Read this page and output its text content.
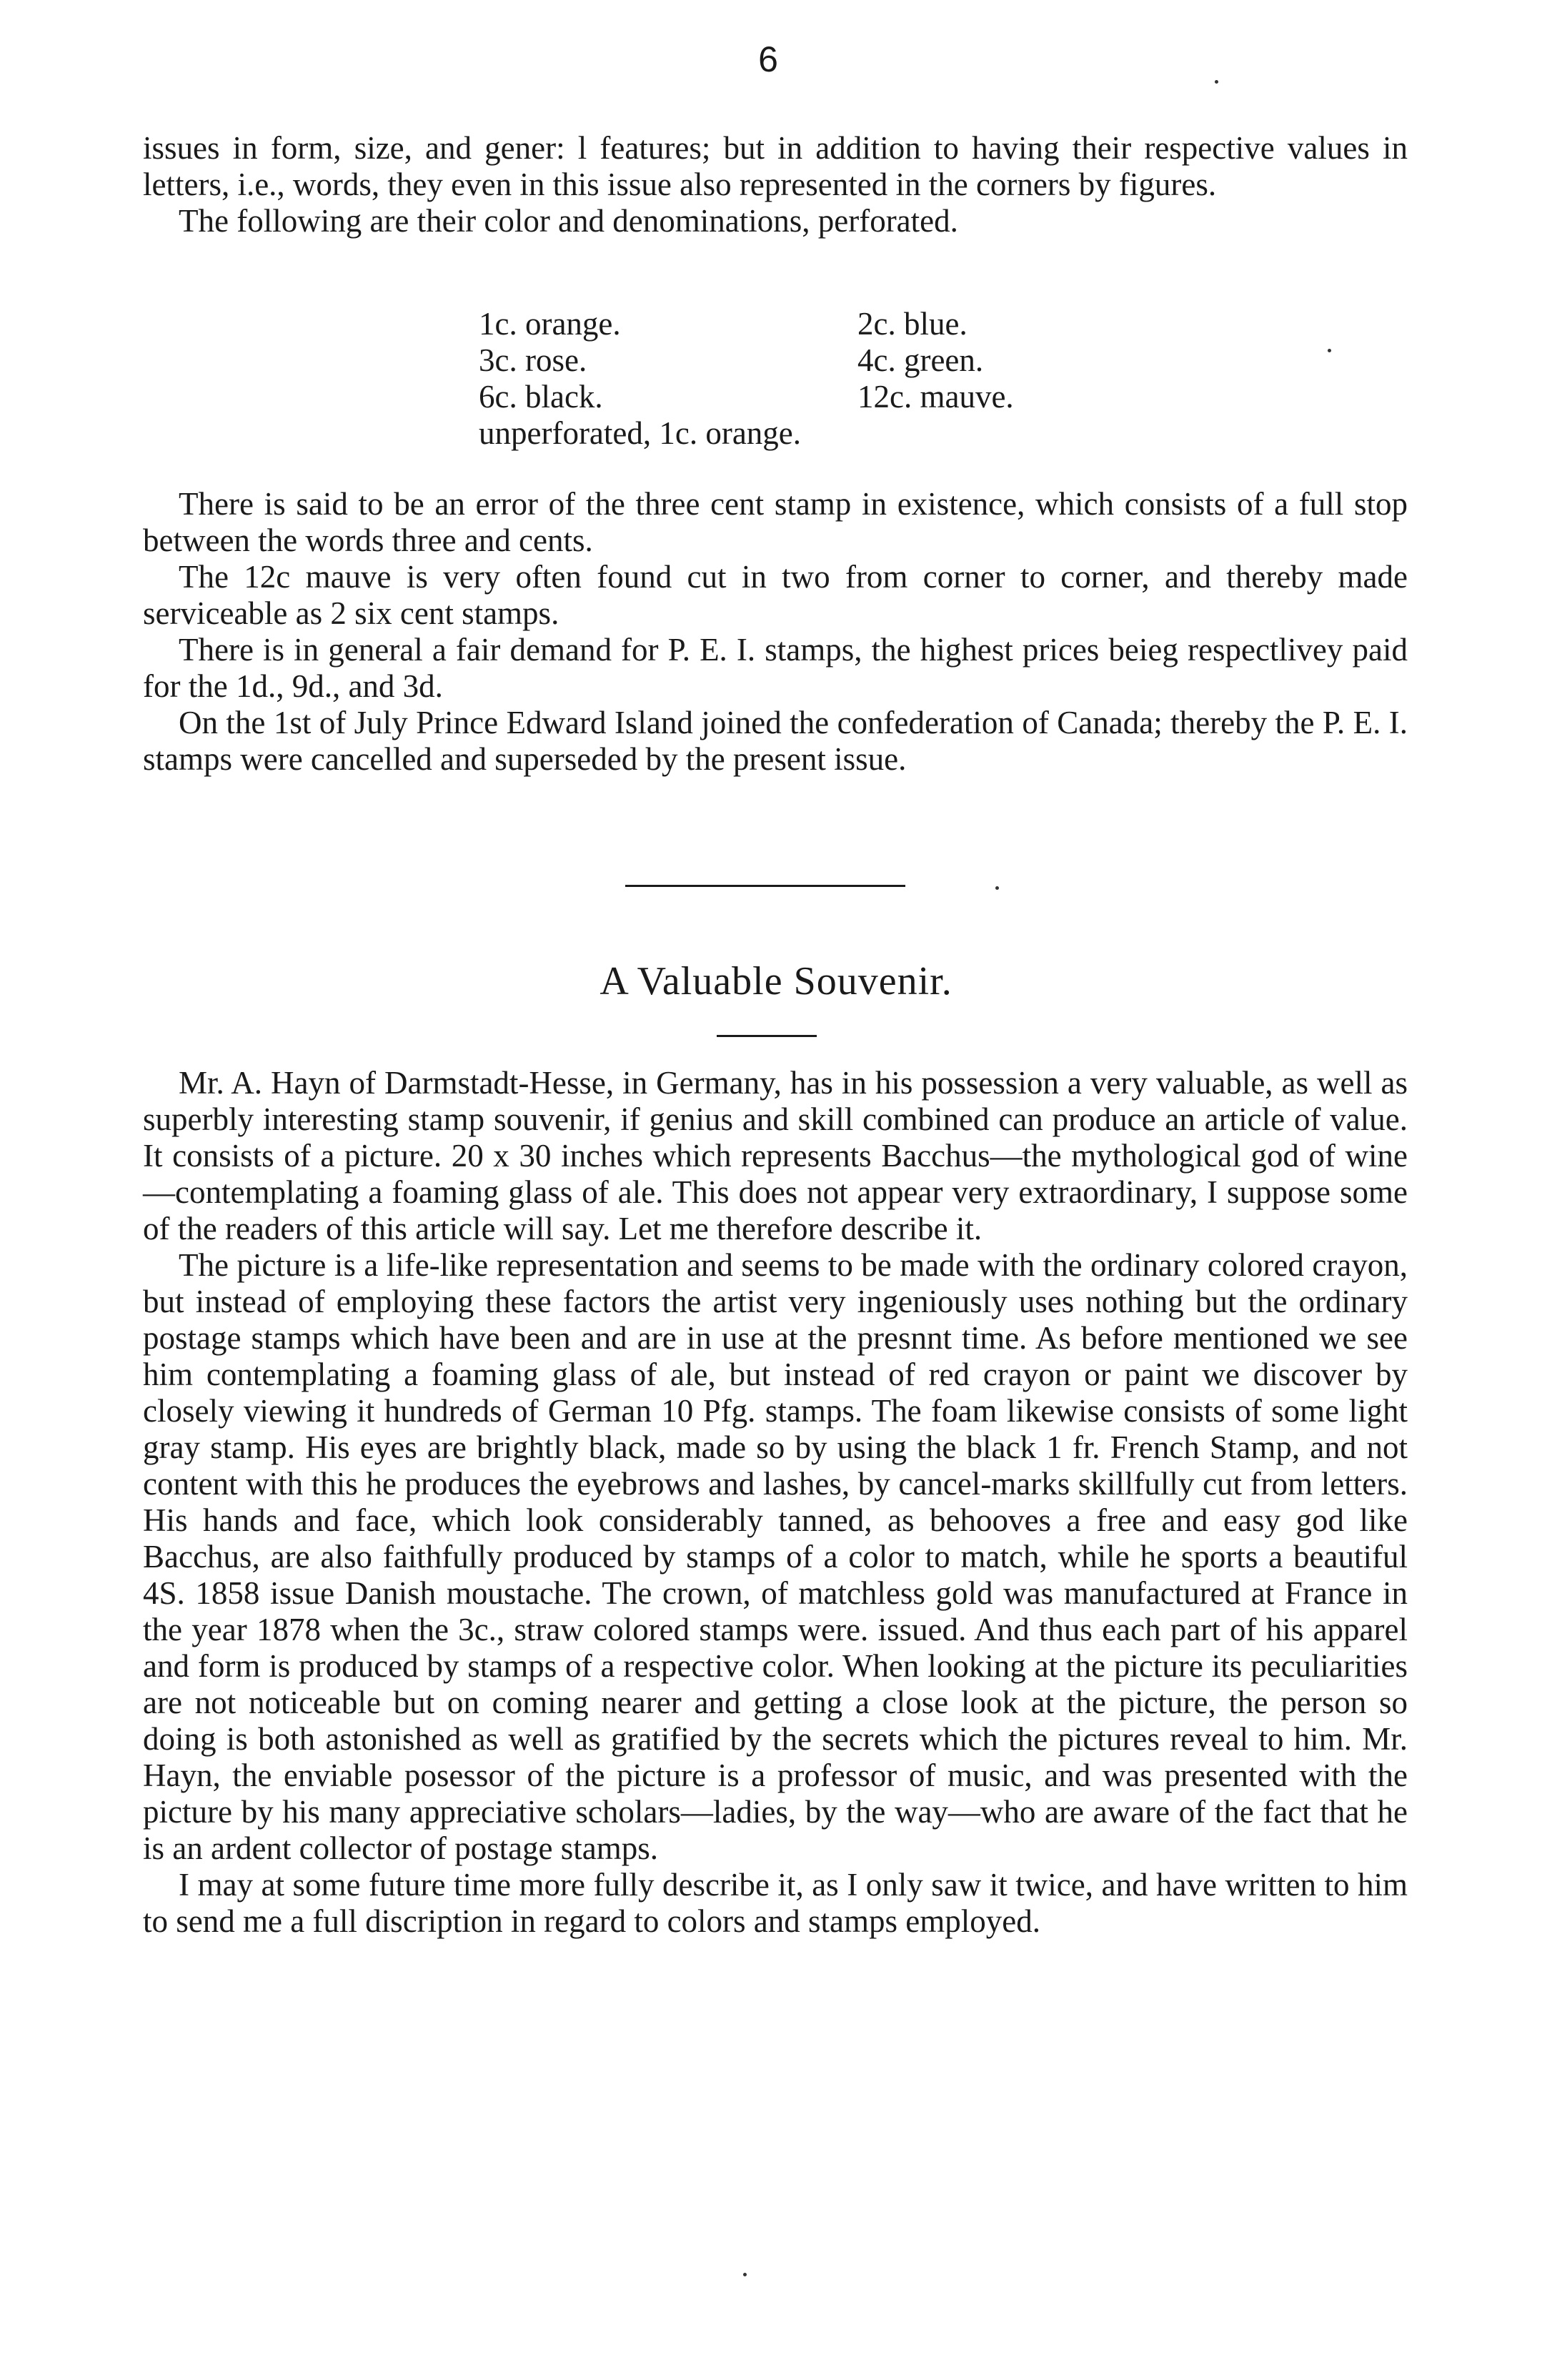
6

issues in form, size, and gener: l features; but in addition to having their respective values in letters, i.e., words, they even in this issue also represented in the corners by figures.

The following are their color and denominations, perforated.

1c. orange.	2c. blue.
3c. rose.	4c. green.
6c. black.	12c. mauve.
unperforated, 1c. orange.

There is said to be an error of the three cent stamp in existence, which consists of a full stop between the words three and cents.

The 12c mauve is very often found cut in two from corner to corner, and thereby made serviceable as 2 six cent stamps.

There is in general a fair demand for P. E. I. stamps, the highest prices beieg respectlivey paid for the 1d., 9d., and 3d.

On the 1st of July Prince Edward Island joined the confederation of Canada; thereby the P. E. I. stamps were cancelled and superseded by the present issue.

A Valuable Souvenir.

Mr. A. Hayn of Darmstadt-Hesse, in Germany, has in his possession a very valuable, as well as superbly interesting stamp souvenir, if genius and skill combined can produce an article of value. It consists of a picture. 20 x 30 inches which represents Bacchus—the mythological god of wine—contemplating a foaming glass of ale. This does not appear very extraordinary, I suppose some of the readers of this article will say. Let me therefore describe it.

The picture is a life-like representation and seems to be made with the ordinary colored crayon, but instead of employing these factors the artist very ingeniously uses nothing but the ordinary postage stamps which have been and are in use at the presnnt time. As before mentioned we see him contemplating a foaming glass of ale, but instead of red crayon or paint we discover by closely viewing it hundreds of German 10 Pfg. stamps. The foam likewise consists of some light gray stamp. His eyes are brightly black, made so by using the black 1 fr. French Stamp, and not content with this he produces the eyebrows and lashes, by cancel-marks skillfully cut from letters. His hands and face, which look considerably tanned, as behooves a free and easy god like Bacchus, are also faithfully produced by stamps of a color to match, while he sports a beautiful 4S. 1858 issue Danish moustache. The crown, of matchless gold was manufactured at France in the year 1878 when the 3c., straw colored stamps were. issued. And thus each part of his apparel and form is produced by stamps of a respective color. When looking at the picture its peculiarities are not noticeable but on coming nearer and getting a close look at the picture, the person so doing is both astonished as well as gratified by the secrets which the pictures reveal to him. Mr. Hayn, the enviable posessor of the picture is a professor of music, and was presented with the picture by his many appreciative scholars—ladies, by the way—who are aware of the fact that he is an ardent collector of postage stamps.

I may at some future time more fully describe it, as I only saw it twice, and have written to him to send me a full discription in regard to colors and stamps employed.
